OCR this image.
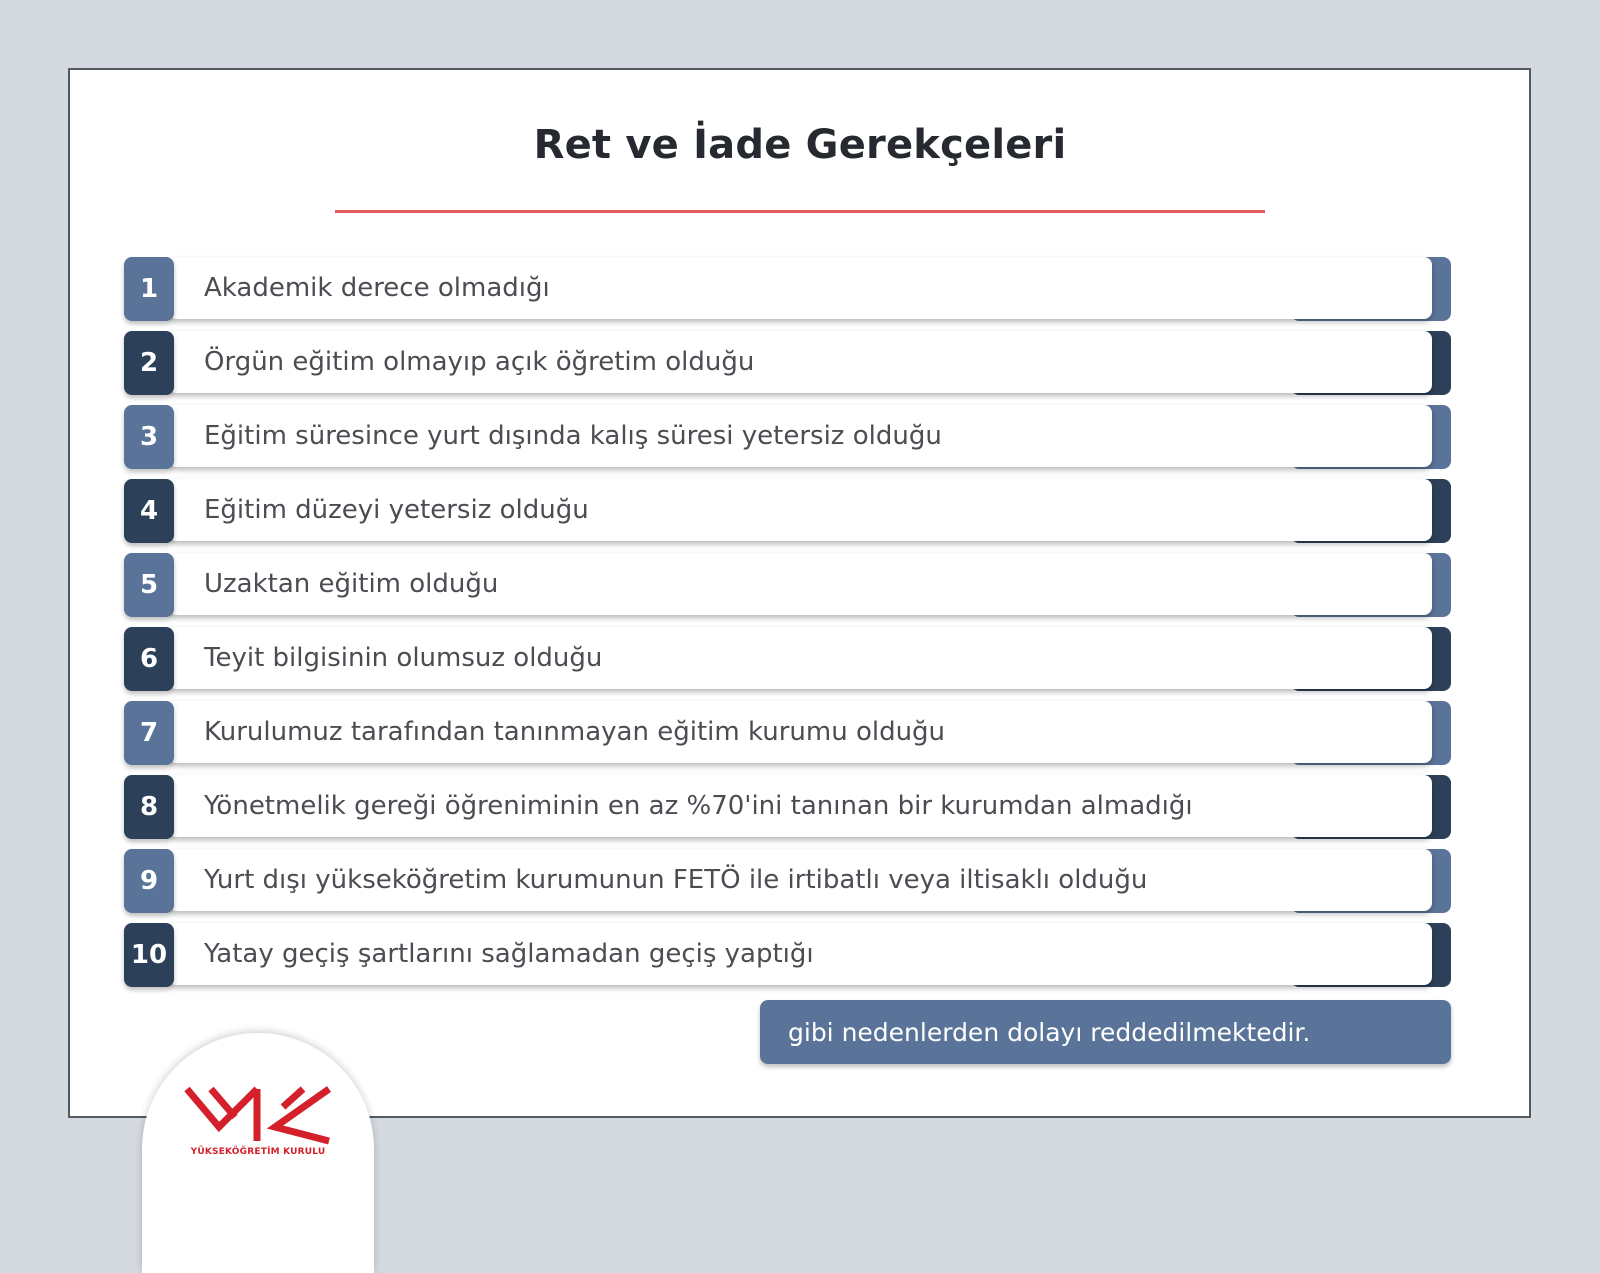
Ret ve İade Gerekçeleri
Akademik derece olmadığı
1
Örgün eğitim olmayıp açık öğretim olduğu
2
Eğitim süresince yurt dışında kalış süresi yetersiz olduğu
3
Eğitim düzeyi yetersiz olduğu
4
Uzaktan eğitim olduğu
5
Teyit bilgisinin olumsuz olduğu
6
Kurulumuz tarafından tanınmayan eğitim kurumu olduğu
7
Yönetmelik gereği öğreniminin en az %70'ini tanınan bir kurumdan almadığı
8
Yurt dışı yükseköğretim kurumunun FETÖ ile irtibatlı veya iltisaklı olduğu
9
Yatay geçiş şartlarını sağlamadan geçiş yaptığı
10
gibi nedenlerden dolayı reddedilmektedir.
YÜKSEKÖĞRETİM KURULU
